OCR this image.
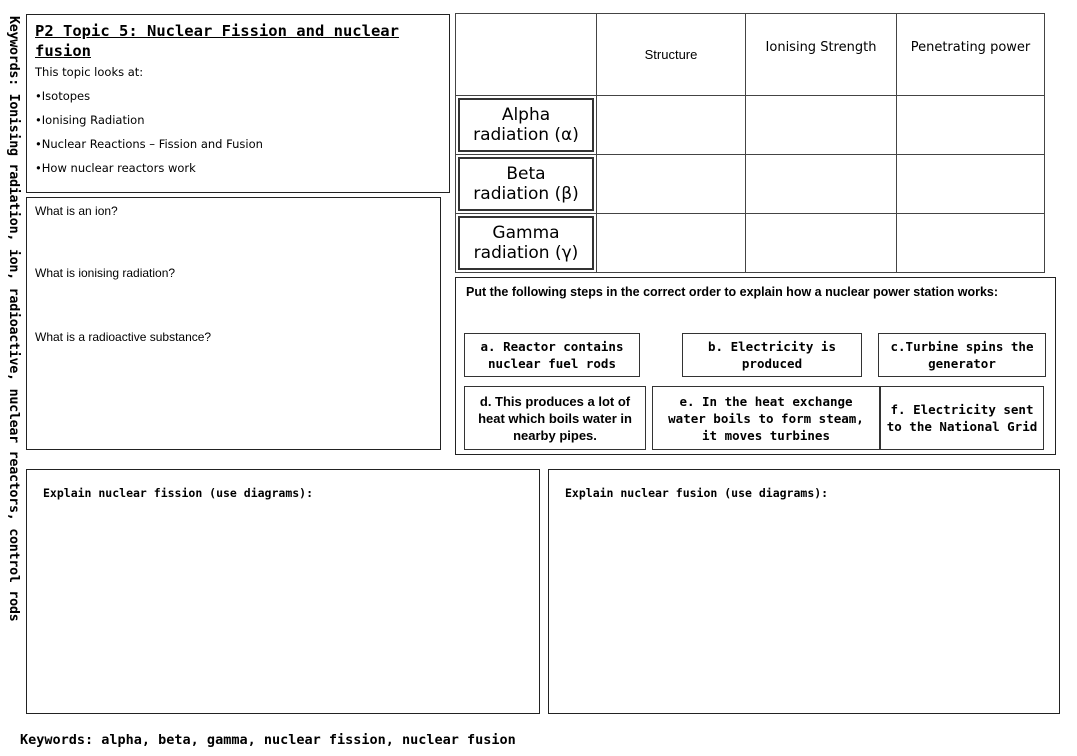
Keywords: Ionising radiation, ion, radioactive, nuclear reactors, control rods P2 Topic 5: Nuclear Fission and nuclear fusion

This topic looks at:

•Isotopes
•Ionising Radiation
•Nuclear Reactions – Fission and Fusion
•How nuclear reactors work
What is an ion?
What is ionising radiation?
What is a radioactive substance?
	Structure	Ionising Strength	Penetrating power

Alpha
radiation (α)			

Beta
radiation (β)			

Gamma
radiation (γ)			

Put the following steps in the correct order to explain how a nuclear power station works:

a. Reactor contains nuclear fuel rods
b. Electricity is produced
c.Turbine spins the generator
d. This produces a lot of heat which boils water in nearby pipes.
e. In the heat exchange water boils to form steam, it moves turbines
f. Electricity sent to the National Grid

Explain nuclear fission (use diagrams):	Explain nuclear fusion (use diagrams):

Keywords: alpha, beta, gamma, nuclear fission, nuclear fusion
